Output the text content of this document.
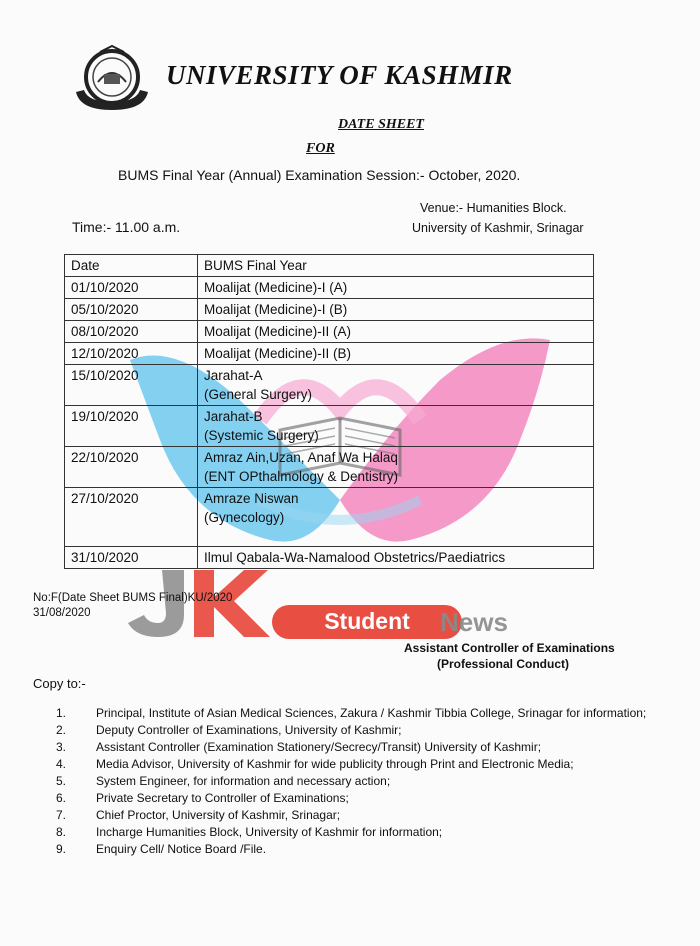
UNIVERSITY OF KASHMIR
DATE SHEET
FOR
BUMS Final Year (Annual) Examination Session:- October, 2020.
Venue:- Humanities Block.
University of Kashmir, Srinagar
Time:- 11.00 a.m.
Date	BUMS Final Year
01/10/2020	Moalijat (Medicine)-I (A)

05/10/2020	Moalijat (Medicine)-I (B)

08/10/2020	Moalijat (Medicine)-II (A)

12/10/2020	Moalijat (Medicine)-II (B)

15/10/2020	Jarahat-A
(General Surgery)

19/10/2020	Jarahat-B
(Systemic Surgery)

22/10/2020	Amraz Ain,Uzan, Anaf Wa Halaq
(ENT OPthalmology & Dentistry)

27/10/2020	Amraze Niswan
(Gynecology)

31/10/2020	Ilmul Qabala-Wa-Namalood Obstetrics/Paediatrics
Student News
No:F(Date Sheet BUMS Final)KU/2020
31/08/2020
Assistant Controller of Examinations
(Professional Conduct)
Copy to:-
1. Principal, Institute of Asian Medical Sciences, Zakura / Kashmir Tibbia College, Srinagar for information;
2. Deputy Controller of Examinations, University of Kashmir;
3. Assistant Controller (Examination Stationery/Secrecy/Transit) University of Kashmir;
4. Media Advisor, University of Kashmir for wide publicity through Print and Electronic Media;
5. System Engineer, for information and necessary action;
6. Private Secretary to Controller of Examinations;
7. Chief Proctor, University of Kashmir, Srinagar;
8. Incharge Humanities Block, University of Kashmir for information;
9. Enquiry Cell/ Notice Board /File.
